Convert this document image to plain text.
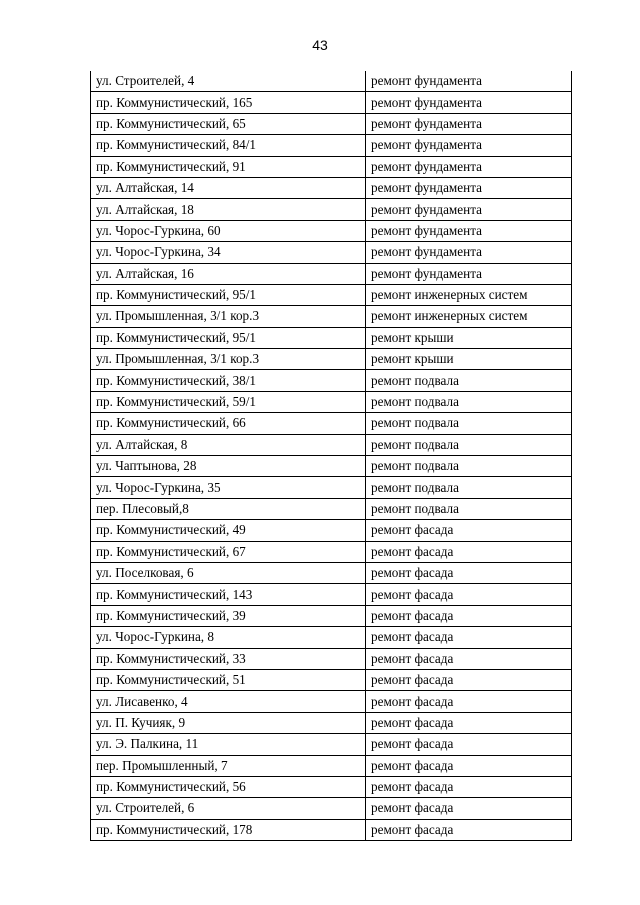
43
ул. Строителей, 4	ремонт фундамента
пр. Коммунистический, 165	ремонт фундамента
пр. Коммунистический, 65	ремонт фундамента
пр. Коммунистический, 84/1	ремонт фундамента
пр. Коммунистический, 91	ремонт фундамента
ул. Алтайская, 14	ремонт фундамента
ул. Алтайская, 18	ремонт фундамента
ул. Чорос-Гуркина, 60	ремонт фундамента
ул. Чорос-Гуркина, 34	ремонт фундамента
ул. Алтайская, 16	ремонт фундамента
пр. Коммунистический, 95/1	ремонт инженерных систем
ул. Промышленная, 3/1 кор.3	ремонт инженерных систем
пр. Коммунистический, 95/1	ремонт крыши
ул. Промышленная, 3/1 кор.3	ремонт крыши
пр. Коммунистический, 38/1	ремонт подвала
пр. Коммунистический, 59/1	ремонт подвала
пр. Коммунистический, 66	ремонт подвала
ул. Алтайская, 8	ремонт подвала
ул. Чаптынова, 28	ремонт подвала
ул. Чорос-Гуркина, 35	ремонт подвала
пер. Плесовый,8	ремонт подвала
пр. Коммунистический, 49	ремонт фасада
пр. Коммунистический, 67	ремонт фасада
ул. Поселковая, 6	ремонт фасада
пр. Коммунистический, 143	ремонт фасада
пр. Коммунистический, 39	ремонт фасада
ул. Чорос-Гуркина, 8	ремонт фасада
пр. Коммунистический, 33	ремонт фасада
пр. Коммунистический, 51	ремонт фасада
ул. Лисавенко, 4	ремонт фасада
ул. П. Кучияк, 9	ремонт фасада
ул. Э. Палкина, 11	ремонт фасада
пер. Промышленный, 7	ремонт фасада
пр. Коммунистический, 56	ремонт фасада
ул. Строителей, 6	ремонт фасада
пр. Коммунистический, 178	ремонт фасада
